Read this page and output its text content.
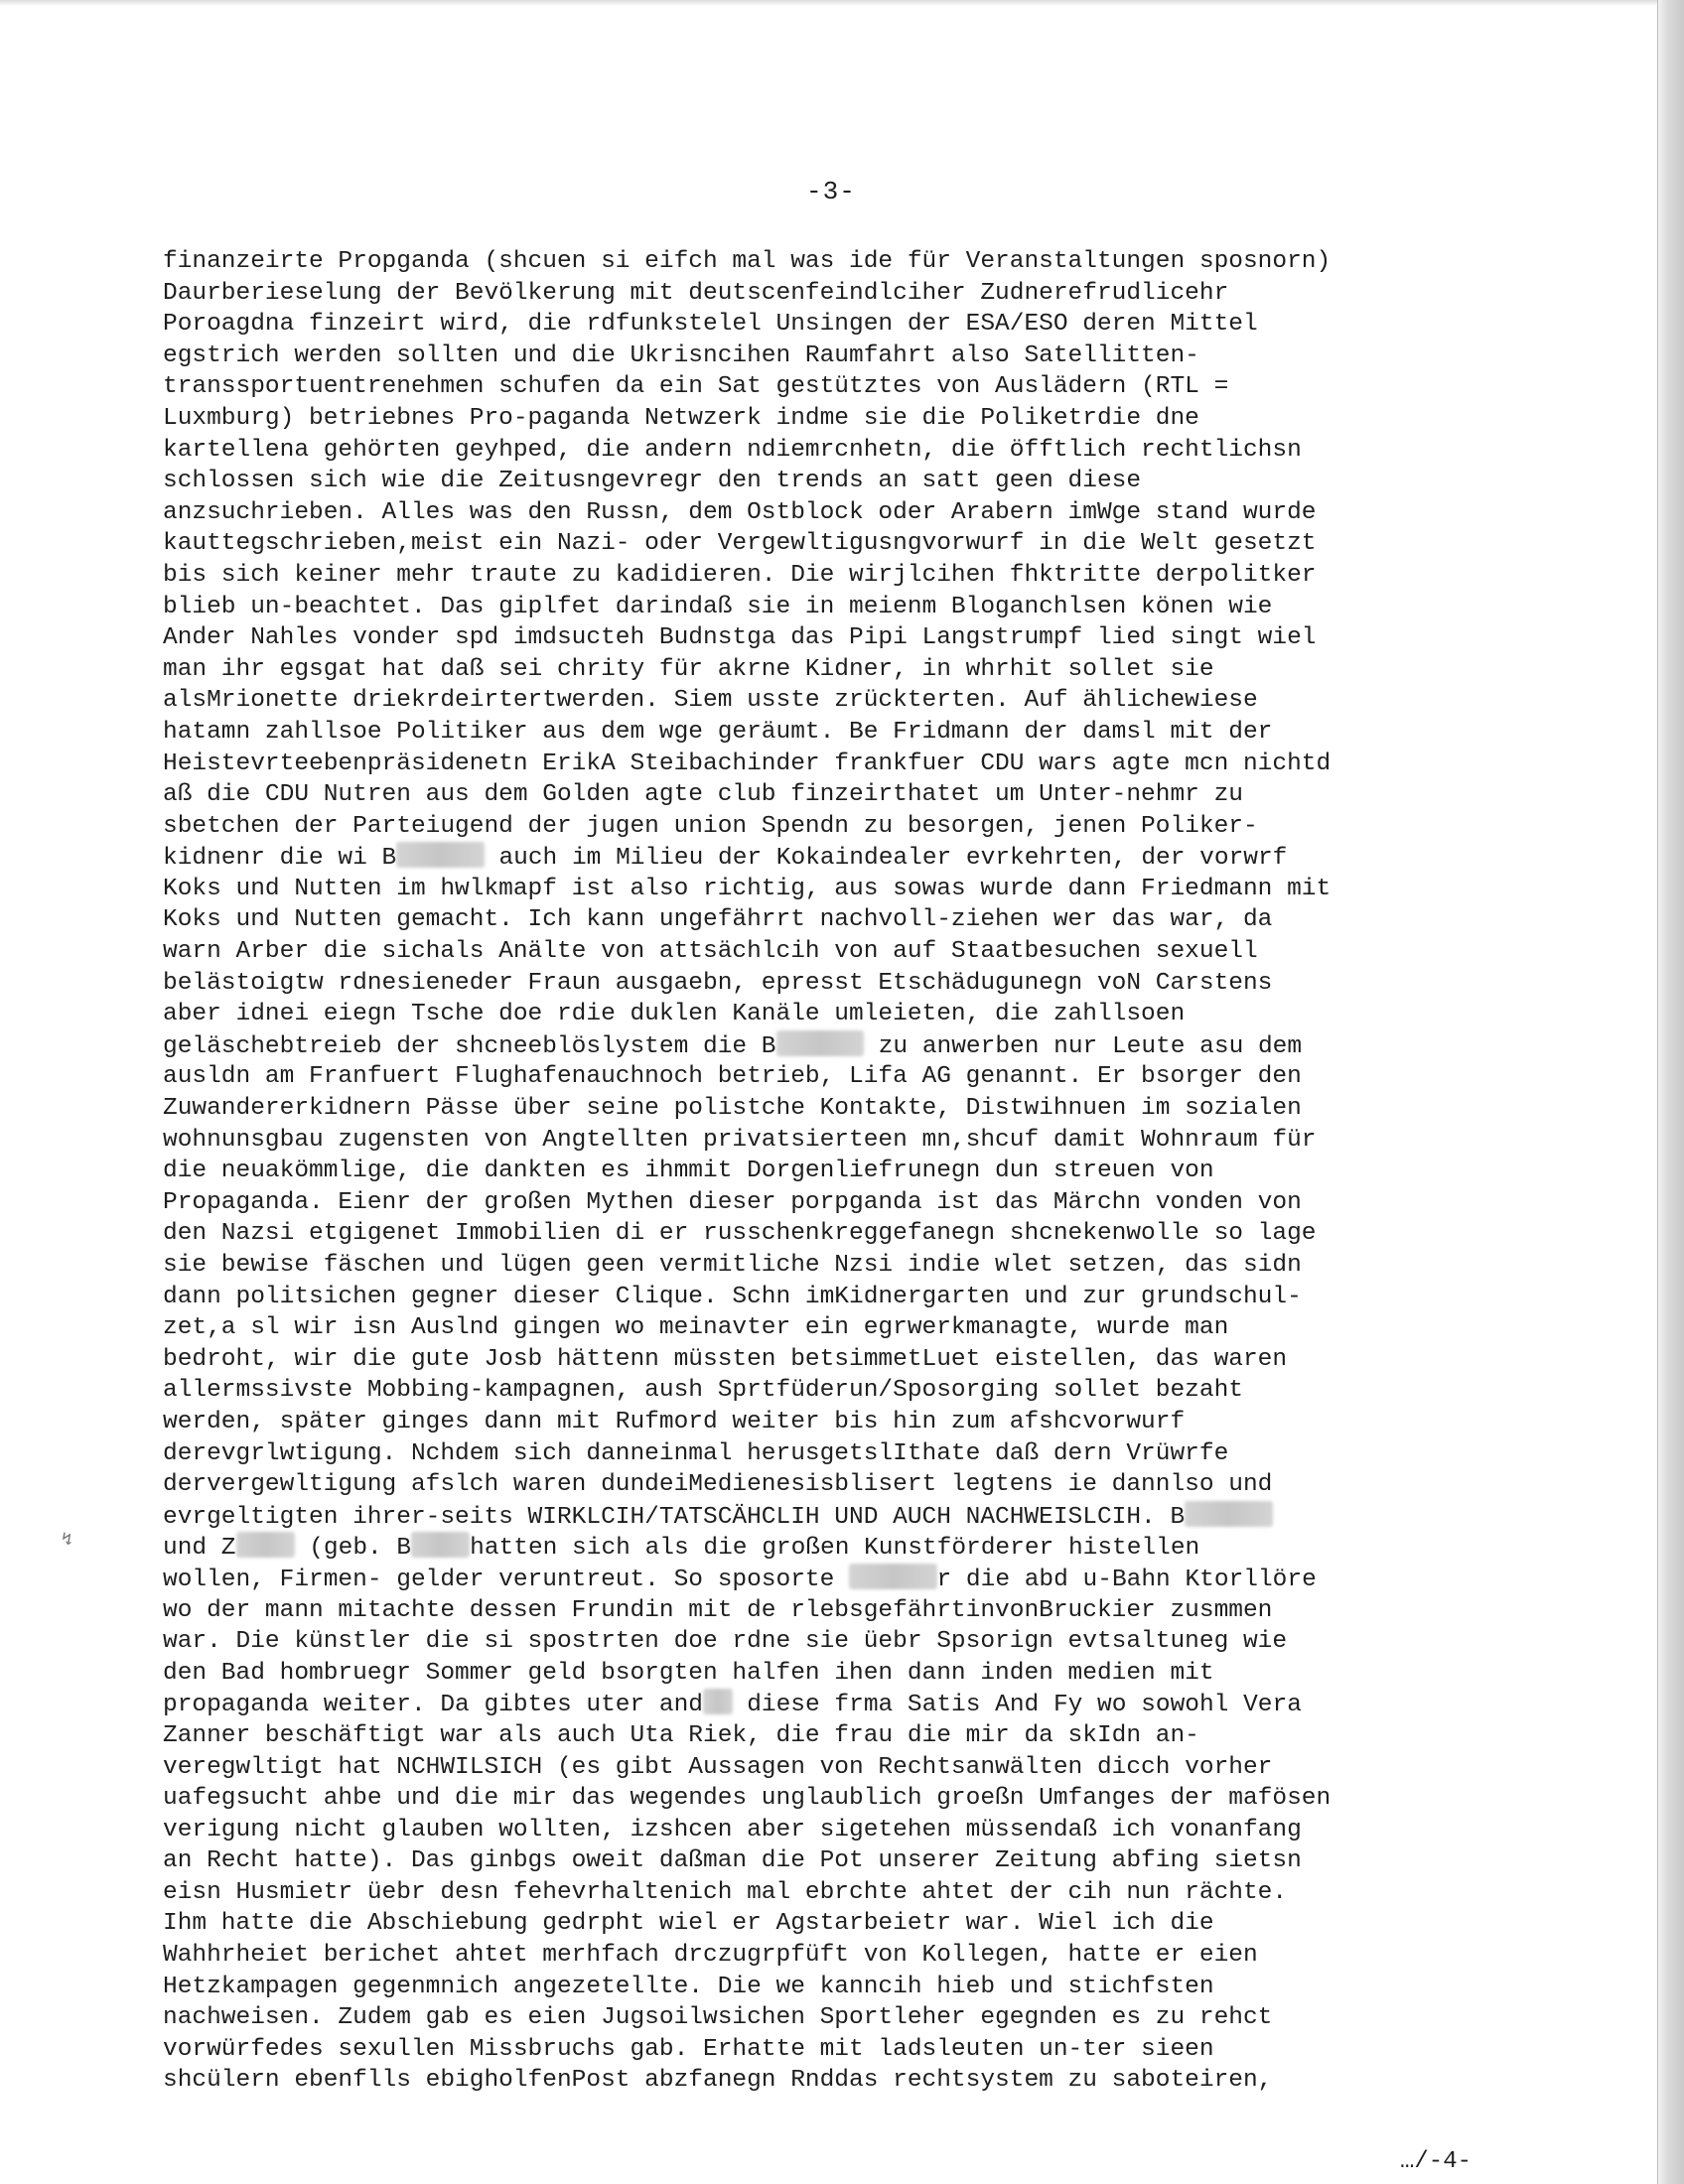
-3-
finanzeirte Propganda (shcuen si eifch mal was ide für Veranstaltungen sposnorn)
Daurberieselung der Bevölkerung mit deutscenfeindlciher Zudnerefrudlicehr
Poroagdna finzeirt wird, die rdfunkstelel Unsingen der ESA/ESO deren Mittel
egstrich werden sollten und die Ukrisncihen Raumfahrt also Satellitten-
transsportuentrenehmen schufen da ein Sat gestütztes von Auslädern (RTL =
Luxmburg) betriebnes Pro-paganda Netwzerk indme sie die Poliketrdie dne
kartellena gehörten geyhped, die andern ndiemrcnhetn, die öfftlich rechtlichsn
schlossen sich wie die Zeitusngevregr den trends an satt geen diese
anzsuchrieben. Alles was den Russn, dem Ostblock oder Arabern imWge stand wurde
kauttegschrieben,meist ein Nazi- oder Vergewltigusngvorwurf in die Welt gesetzt
bis sich keiner mehr traute zu kadidieren. Die wirjlcihen fhktritte derpolitker
blieb un-beachtet. Das giplfet darindaß sie in meienm Bloganchlsen könen wie
Ander Nahles vonder spd imdsucteh Budnstga das Pipi Langstrumpf lied singt wiel
man ihr egsgat hat daß sei chrity für akrne Kidner, in whrhit sollet sie
alsMrionette driekrdeirtertwerden. Siem usste zrückterten. Auf ählichewiese
hatamn zahllsoe Politiker aus dem wge geräumt. Be Fridmann der damsl mit der
Heistevrteebenpräsidenetn ErikA Steibachinder frankfuer CDU wars agte mcn nichtd
aß die CDU Nutren aus dem Golden agte club finzeirthatet um Unter-nehmr zu
sbetchen der Parteiugend der jugen union Spendn zu besorgen, jenen Poliker-
kidnenr die wi B	auch im Milieu der Kokaindealer evrkehrten, der vorwrf
Koks und Nutten im hwlkmapf ist also richtig, aus sowas wurde dann Friedmann mit
Koks und Nutten gemacht. Ich kann ungefährrt nachvoll-ziehen wer das war, da
warn Arber die sichals Anälte von attsächlcih von auf Staatbesuchen sexuell
belästoigtw rdnesieneder Fraun ausgaebn, epresst Etschädugunegn voN Carstens
aber idnei eiegn Tsche doe rdie duklen Kanäle umleieten, die zahllsoen
geläschebtreieb der shcneeblöslystem die B	zu anwerben nur Leute asu dem
ausldn am Franfuert Flughafenauchnoch betrieb, Lifa AG genannt. Er bsorger den
Zuwandererkidnern Pässe über seine polistche Kontakte, Distwihnuen im sozialen
wohnunsgbau zugensten von Angtellten privatsierteen mn,shcuf damit Wohnraum für
die neuakömmlige, die dankten es ihmmit Dorgenliefrunegn dun streuen von
Propaganda. Eienr der großen Mythen dieser porpganda ist das Märchn vonden von
den Nazsi etgigenet Immobilien di er russchenkreggefanegn shcnekenwolle so lage
sie bewise fäschen und lügen geen vermitliche Nzsi indie wlet setzen, das sidn
dann politsichen gegner dieser Clique. Schn imKidnergarten und zur grundschul-
zet,a sl wir isn Auslnd gingen wo meinavter ein egrwerkmanagte, wurde man
bedroht, wir die gute Josb hättenn müssten betsimmetLuet eistellen, das waren
allermssivste Mobbing-kampagnen, aush Sprtfüderun/Sposorging sollet bezaht
werden, später ginges dann mit Rufmord weiter bis hin zum afshcvorwurf
derevgrlwtigung. Nchdem sich danneinmal herusgetslIthate daß dern Vrüwrfe
dervergewltigung afslch waren dundeiMedienesisblisert legtens ie dannlso und
evrgeltigten ihrer-seits WIRKLCIH/TATSCÄHCLIH UND AUCH NACHWEISLCIH. B
und Z (geb. B hatten sich als die großen Kunstförderer histellen
wollen, Firmen- gelder veruntreut. So sposorte	r die abd u-Bahn Ktorllöre
wo der mann mitachte dessen Frundin mit de rlebsgefährtinvonBruckier zusmmen
war. Die künstler die si spostrten doe rdne sie üebr Spsorign evtsaltuneg wie
den Bad hombruegr Sommer geld bsorgten halfen ihen dann inden medien mit
propaganda weiter. Da gibtes uter and diese frma Satis And Fy wo sowohl Vera
Zanner beschäftigt war als auch Uta Riek, die frau die mir da skIdn an-
veregwltigt hat NCHWILSICH (es gibt Aussagen von Rechtsanwälten dicch vorher
uafegsucht ahbe und die mir das wegendes unglaublich groeßn Umfanges der mafösen
verigung nicht glauben wollten, izshcen aber sigetehen müssendaß ich vonanfang
an Recht hatte). Das ginbgs oweit daßman die Pot unserer Zeitung abfing sietsn
eisn Husmietr üebr desn fehevrhaltenich mal ebrchte ahtet der cih nun rächte.
Ihm hatte die Abschiebung gedrpht wiel er Agstarbeietr war. Wiel ich die
Wahhrheiet berichet ahtet merhfach drczugrpfüft von Kollegen, hatte er eien
Hetzkampagen gegenmnich angezetellte. Die we kanncih hieb und stichfsten
nachweisen. Zudem gab es eien Jugsoilwsichen Sportleher egegnden es zu rehct
vorwürfedes sexullen Missbruchs gab. Erhatte mit ladsleuten un-ter sieen
shcülern ebenflls ebigholfenPost abzfanegn Rnddas rechtsystem zu saboteiren,
↯
…/-4-
